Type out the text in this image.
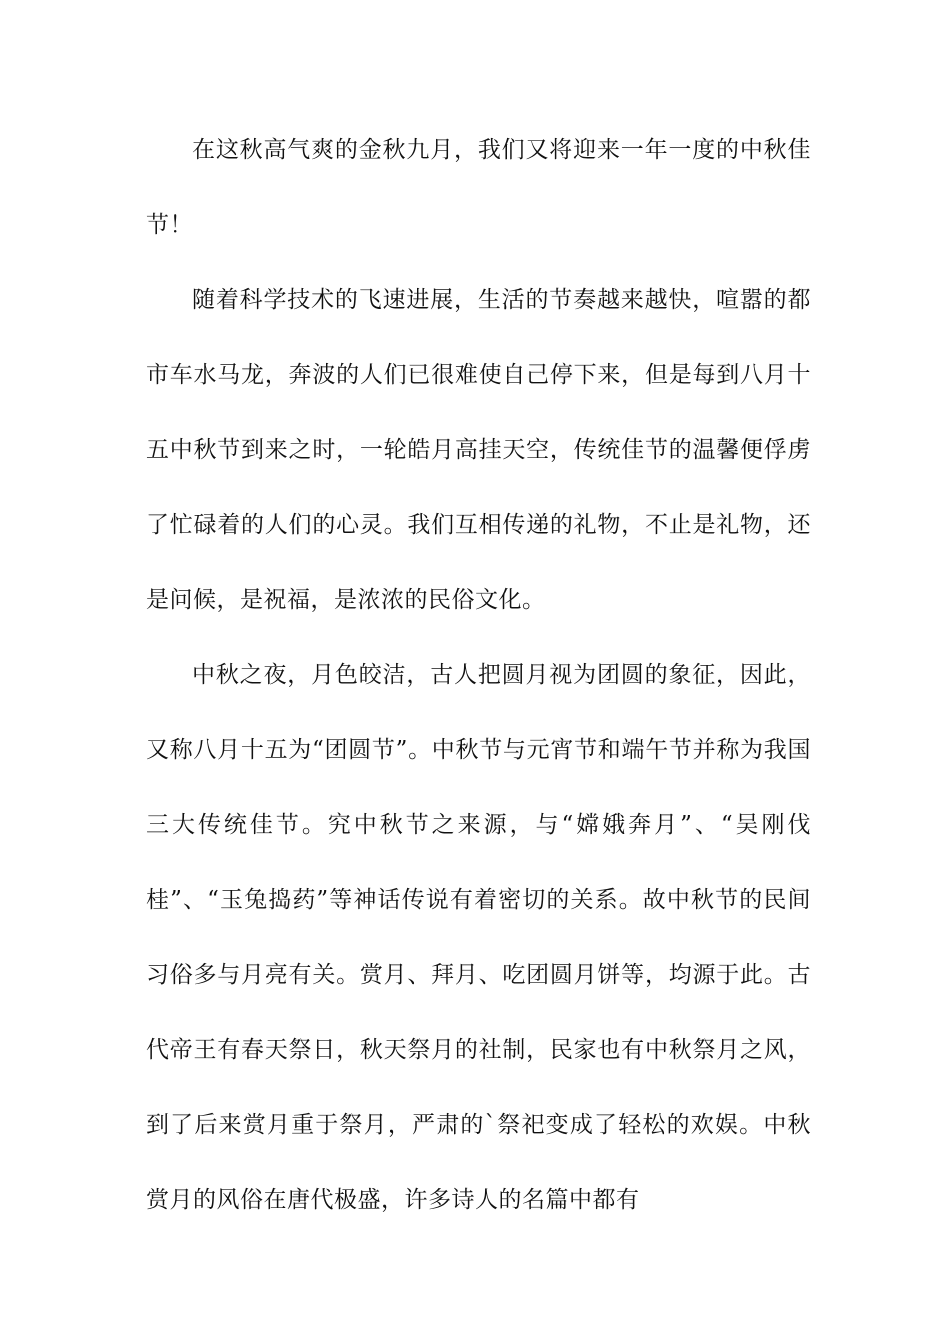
在这秋高气爽的金秋九月，我们又将迎来一年一度的中秋佳节！

随着科学技术的飞速进展，生活的节奏越来越快，喧嚣的都市车水马龙，奔波的人们已很难使自己停下来，但是每到八月十五中秋节到来之时，一轮皓月高挂天空，传统佳节的温馨便俘虏了忙碌着的人们的心灵。我们互相传递的礼物，不止是礼物，还是问候，是祝福，是浓浓的民俗文化。

中秋之夜，月色皎洁，古人把圆月视为团圆的象征，因此，又称八月十五为“团圆节”。中秋节与元宵节和端午节并称为我国三大传统佳节。究中秋节之来源，与“嫦娥奔月”、“吴刚伐桂”、“玉兔捣药”等神话传说有着密切的关系。故中秋节的民间习俗多与月亮有关。赏月、拜月、吃团圆月饼等，均源于此。古代帝王有春天祭日，秋天祭月的社制，民家也有中秋祭月之风，到了后来赏月重于祭月，严肃的`祭祀变成了轻松的欢娱。中秋赏月的风俗在唐代极盛，许多诗人的名篇中都有
